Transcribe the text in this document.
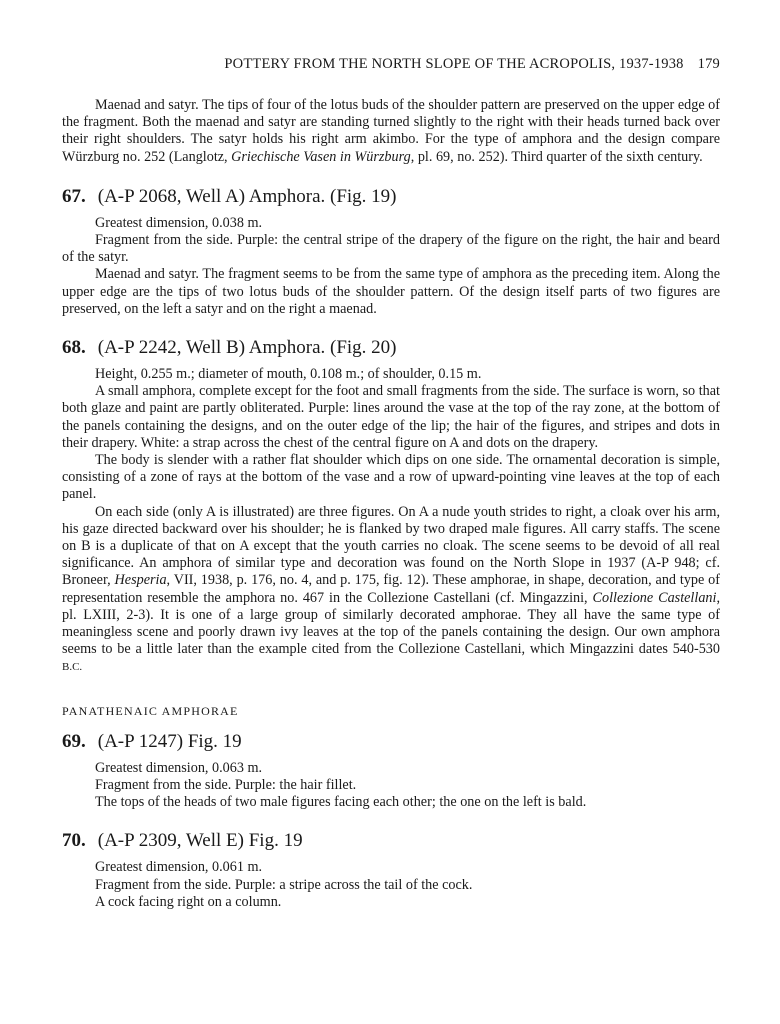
POTTERY FROM THE NORTH SLOPE OF THE ACROPOLIS, 1937-1938 179

Maenad and satyr. The tips of four of the lotus buds of the shoulder pattern are preserved on the upper edge of the fragment. Both the maenad and satyr are standing turned slightly to the right with their heads turned back over their right shoulders. The satyr holds his right arm akimbo. For the type of amphora and the design compare Würzburg no. 252 (Langlotz, Griechische Vasen in Würzburg, pl. 69, no. 252). Third quarter of the sixth century.

67. (A-P 2068, Well A) Amphora. (Fig. 19)

Greatest dimension, 0.038 m.

Fragment from the side. Purple: the central stripe of the drapery of the figure on the right, the hair and beard of the satyr.

Maenad and satyr. The fragment seems to be from the same type of amphora as the preceding item. Along the upper edge are the tips of two lotus buds of the shoulder pattern. Of the design itself parts of two figures are preserved, on the left a satyr and on the right a maenad.

68. (A-P 2242, Well B) Amphora. (Fig. 20)

Height, 0.255 m.; diameter of mouth, 0.108 m.; of shoulder, 0.15 m.

A small amphora, complete except for the foot and small fragments from the side. The surface is worn, so that both glaze and paint are partly obliterated. Purple: lines around the vase at the top of the ray zone, at the bottom of the panels containing the designs, and on the outer edge of the lip; the hair of the figures, and stripes and dots in their drapery. White: a strap across the chest of the central figure on A and dots on the drapery.

The body is slender with a rather flat shoulder which dips on one side. The ornamental decoration is simple, consisting of a zone of rays at the bottom of the vase and a row of upward-pointing vine leaves at the top of each panel.

On each side (only A is illustrated) are three figures. On A a nude youth strides to right, a cloak over his arm, his gaze directed backward over his shoulder; he is flanked by two draped male figures. All carry staffs. The scene on B is a duplicate of that on A except that the youth carries no cloak. The scene seems to be devoid of all real significance. An amphora of similar type and decoration was found on the North Slope in 1937 (A-P 948; cf. Broneer, Hesperia, VII, 1938, p. 176, no. 4, and p. 175, fig. 12). These amphorae, in shape, decoration, and type of representation resemble the amphora no. 467 in the Collezione Castellani (cf. Mingazzini, Collezione Castellani, pl. LXIII, 2-3). It is one of a large group of similarly decorated amphorae. They all have the same type of meaningless scene and poorly drawn ivy leaves at the top of the panels containing the design. Our own amphora seems to be a little later than the example cited from the Collezione Castellani, which Mingazzini dates 540-530 B.C.

PANATHENAIC AMPHORAE
69. (A-P 1247) Fig. 19

Greatest dimension, 0.063 m.

Fragment from the side. Purple: the hair fillet.

The tops of the heads of two male figures facing each other; the one on the left is bald.

70. (A-P 2309, Well E) Fig. 19

Greatest dimension, 0.061 m.

Fragment from the side. Purple: a stripe across the tail of the cock.

A cock facing right on a column.
